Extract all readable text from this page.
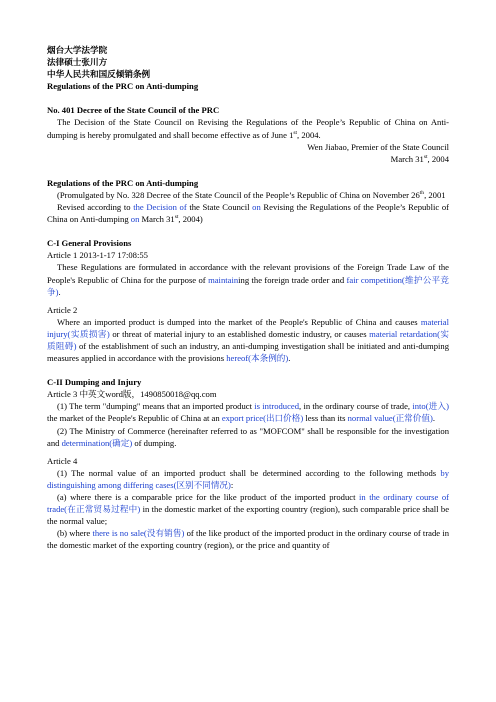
烟台大学法学院

法律硕士张川方

中华人民共和国反倾销条例

Regulations of the PRC on Anti-dumping

No. 401 Decree of the State Council of the PRC

The Decision of the State Council on Revising the Regulations of the People’s Republic of China on Anti-dumping is hereby promulgated and shall become effective as of June 1st, 2004.

Wen Jiabao, Premier of the State Council

March 31st, 2004

Regulations of the PRC on Anti-dumping

(Promulgated by No. 328 Decree of the State Council of the People’s Republic of China on November 26th, 2001

Revised according to the Decision of the State Council on Revising the Regulations of the People’s Republic of China on Anti-dumping on March 31st, 2004)

C-I General Provisions

Article 1 2013-1-17 17:08:55

These Regulations are formulated in accordance with the relevant provisions of the Foreign Trade Law of the People's Republic of China for the purpose of maintaining the foreign trade order and fair competition(维护公平竞争).

Article 2

Where an imported product is dumped into the market of the People's Republic of China and causes material injury(实质损害) or threat of material injury to an established domestic industry, or causes material retardation(实质阻碍) of the establishment of such an industry, an anti-dumping investigation shall be initiated and anti-dumping measures applied in accordance with the provisions hereof(本条例的).

C-II Dumping and Injury

Article 3 中英文word版，1490850018@qq.com

(1) The term "dumping" means that an imported product is introduced, in the ordinary course of trade, into(进入) the market of the People's Republic of China at an export price(出口价格) less than its normal value(正常价值).

(2) The Ministry of Commerce (hereinafter referred to as "MOFCOM" shall be responsible for the investigation and determination(确定) of dumping.

Article 4

(1) The normal value of an imported product shall be determined according to the following methods by distinguishing among differing cases(区别不同情况):

(a) where there is a comparable price for the like product of the imported product in the ordinary course of trade(在正常贸易过程中) in the domestic market of the exporting country (region), such comparable price shall be the normal value;

(b) where there is no sale(没有销售) of the like product of the imported product in the ordinary course of trade in the domestic market of the exporting country (region), or the price and quantity of
